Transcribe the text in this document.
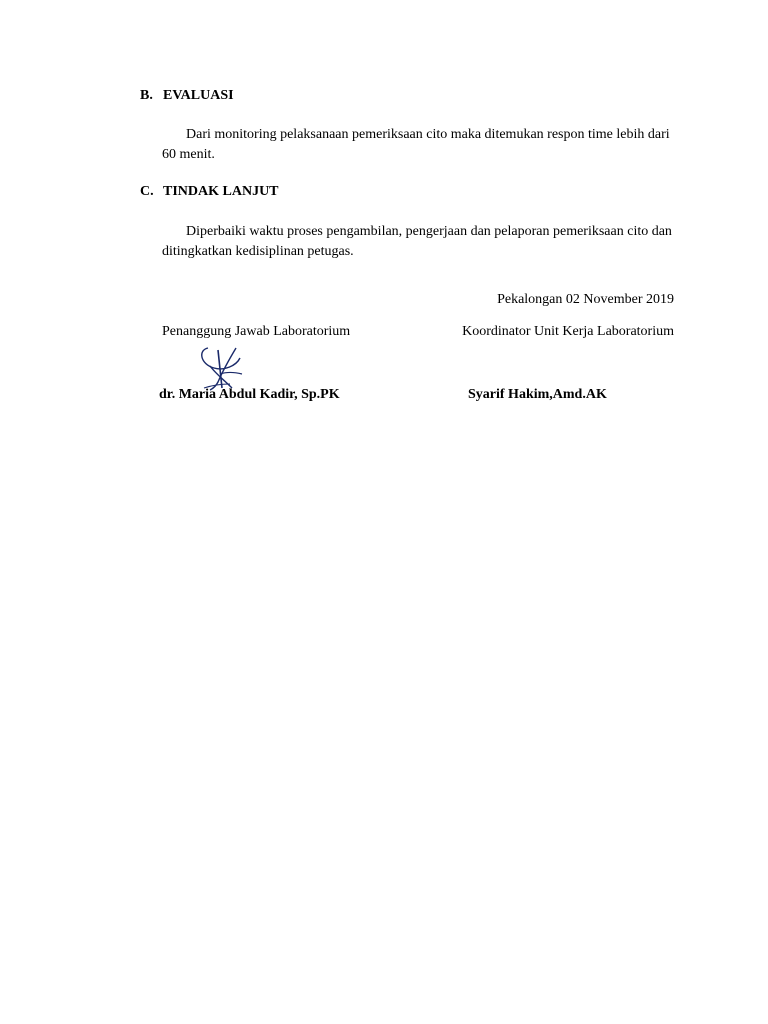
B. EVALUASI
Dari monitoring pelaksanaan pemeriksaan cito maka ditemukan respon time lebih dari 60 menit.
C. TINDAK LANJUT
Diperbaiki waktu proses pengambilan, pengerjaan dan pelaporan pemeriksaan cito dan ditingkatkan kedisiplinan petugas.
Pekalongan 02 November 2019
Penanggung Jawab Laboratorium
dr. Maria Abdul Kadir, Sp.PK
Koordinator Unit Kerja Laboratorium
Syarif Hakim,Amd.AK
